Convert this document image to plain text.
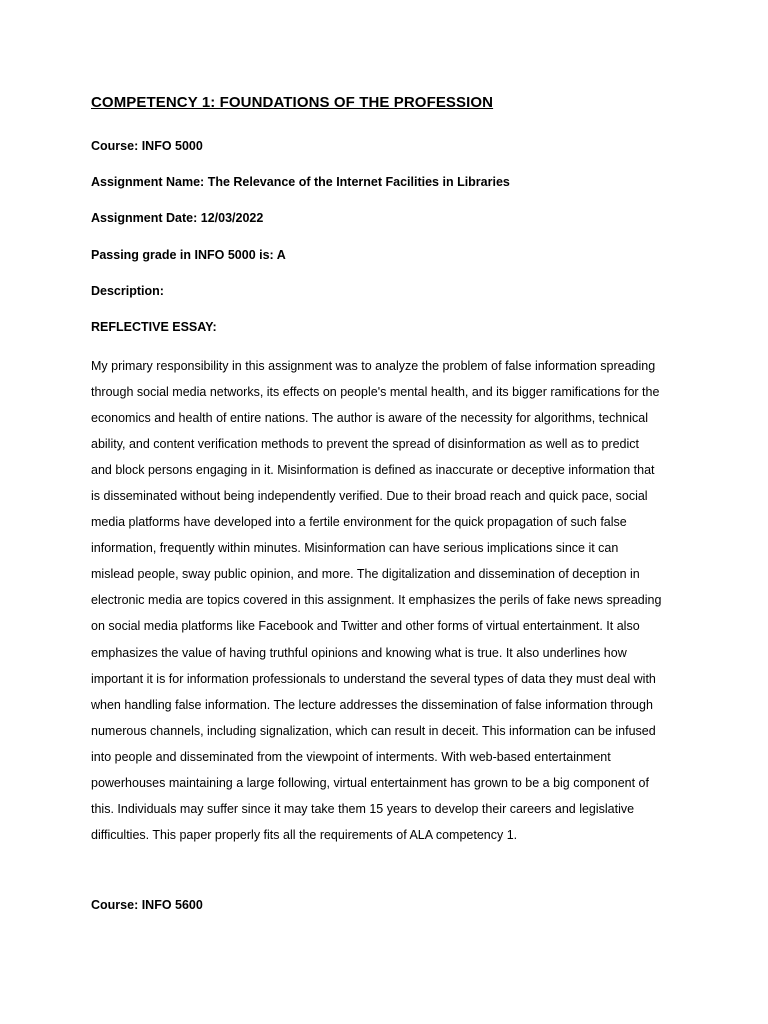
COMPETENCY 1: FOUNDATIONS OF THE PROFESSION
Course: INFO 5000
Assignment Name: The Relevance of the Internet Facilities in Libraries
Assignment Date: 12/03/2022
Passing grade in INFO 5000 is: A
Description:
REFLECTIVE ESSAY:
My primary responsibility in this assignment was to analyze the problem of false information spreading
through social media networks, its effects on people's mental health, and its bigger ramifications for the
economics and health of entire nations. The author is aware of the necessity for algorithms, technical
ability, and content verification methods to prevent the spread of disinformation as well as to predict
and block persons engaging in it. Misinformation is defined as inaccurate or deceptive information that
is disseminated without being independently verified. Due to their broad reach and quick pace, social
media platforms have developed into a fertile environment for the quick propagation of such false
information, frequently within minutes. Misinformation can have serious implications since it can
mislead people, sway public opinion, and more. The digitalization and dissemination of deception in
electronic media are topics covered in this assignment. It emphasizes the perils of fake news spreading
on social media platforms like Facebook and Twitter and other forms of virtual entertainment. It also
emphasizes the value of having truthful opinions and knowing what is true. It also underlines how
important it is for information professionals to understand the several types of data they must deal with
when handling false information. The lecture addresses the dissemination of false information through
numerous channels, including signalization, which can result in deceit. This information can be infused
into people and disseminated from the viewpoint of interments. With web-based entertainment
powerhouses maintaining a large following, virtual entertainment has grown to be a big component of
this. Individuals may suffer since it may take them 15 years to develop their careers and legislative
difficulties. This paper properly fits all the requirements of ALA competency 1.
Course: INFO 5600
